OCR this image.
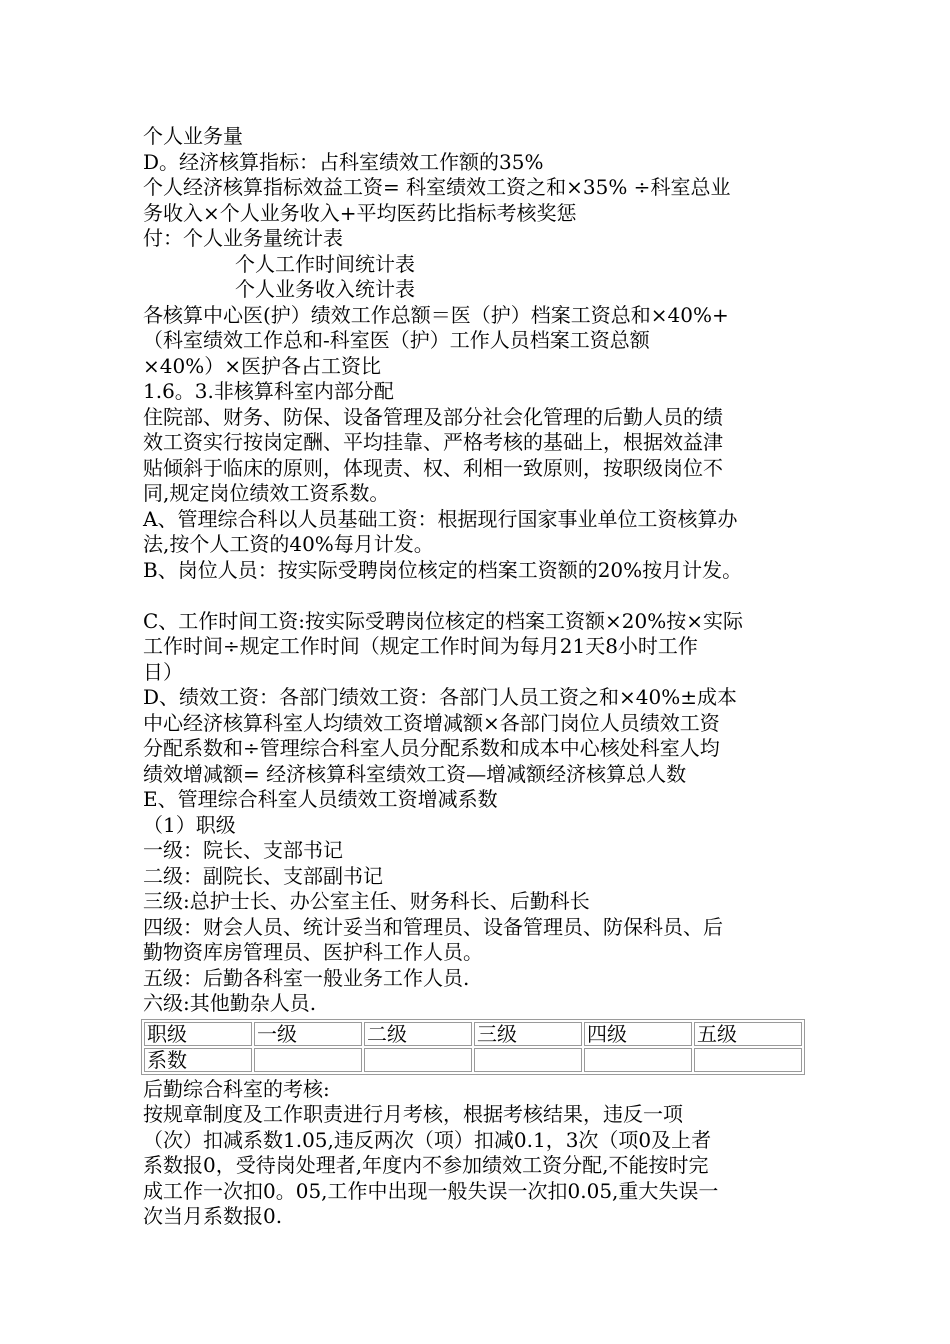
个人业务量
D。经济核算指标：占科室绩效工作额的35%
个人经济核算指标效益工资= 科室绩效工资之和×35% ÷科室总业
务收入×个人业务收入+平均医药比指标考核奖惩
付：个人业务量统计表
个人工作时间统计表
个人业务收入统计表
各核算中心医(护）绩效工作总额＝医（护）档案工资总和×40%+
（科室绩效工作总和-科室医（护）工作人员档案工资总额
×40%）×医护各占工资比
1.6。3.非核算科室内部分配
住院部、财务、防保、设备管理及部分社会化管理的后勤人员的绩
效工资实行按岗定酬、平均挂靠、严格考核的基础上，根据效益津
贴倾斜于临床的原则，体现责、权、利相一致原则，按职级岗位不
同,规定岗位绩效工资系数。
A、管理综合科以人员基础工资：根据现行国家事业单位工资核算办
法,按个人工资的40%每月计发。
B、岗位人员：按实际受聘岗位核定的档案工资额的20%按月计发。
C、工作时间工资:按实际受聘岗位核定的档案工资额×20%按×实际
工作时间÷规定工作时间（规定工作时间为每月21天8小时工作
日）
D、绩效工资：各部门绩效工资：各部门人员工资之和×40%±成本
中心经济核算科室人均绩效工资增减额×各部门岗位人员绩效工资
分配系数和÷管理综合科室人员分配系数和成本中心核处科室人均
绩效增减额= 经济核算科室绩效工资—增减额经济核算总人数
E、管理综合科室人员绩效工资增减系数
（1）职级
一级：院长、支部书记
二级：副院长、支部副书记
三级:总护士长、办公室主任、财务科长、后勤科长
四级：财会人员、统计妥当和管理员、设备管理员、防保科员、后
勤物资库房管理员、医护科工作人员。
五级：后勤各科室一般业务工作人员.
六级:其他勤杂人员.
职级	一级	二级	三级	四级	五级
系数					
后勤综合科室的考核:
按规章制度及工作职责进行月考核，根据考核结果，违反一项
（次）扣减系数1.05,违反两次（项）扣减0.1，3次（项0及上者
系数报0，受待岗处理者,年度内不参加绩效工资分配,不能按时完
成工作一次扣0。05,工作中出现一般失误一次扣0.05,重大失误一
次当月系数报0.
